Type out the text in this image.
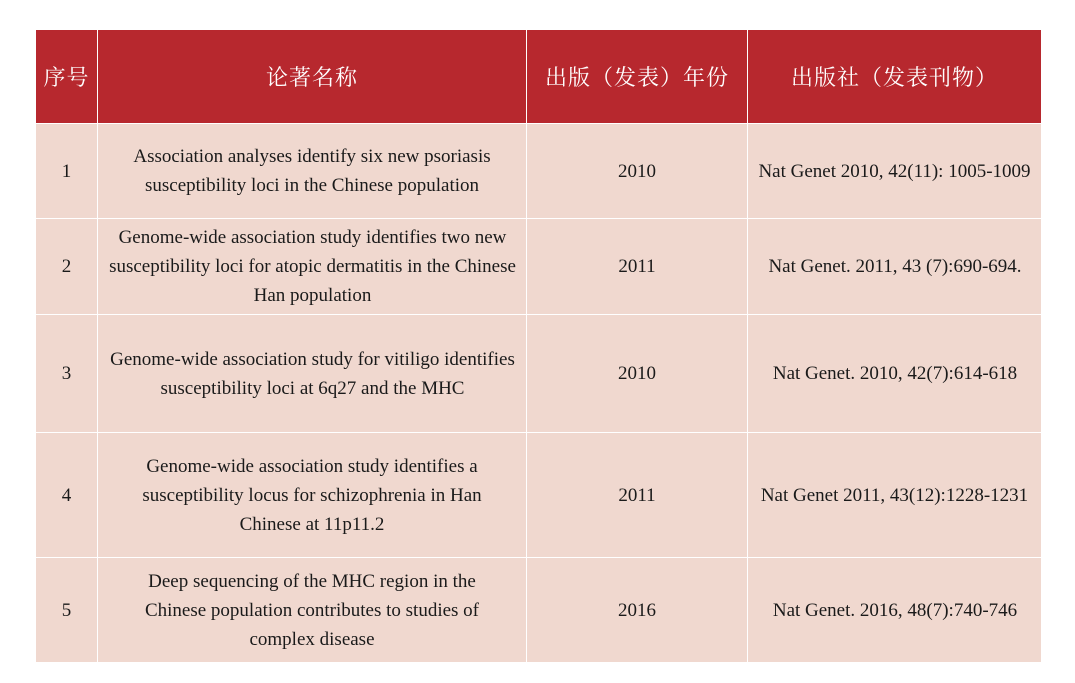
序号	论著名称	出版（发表）年份	出版社（发表刊物）
1	Association analyses identify six new psoriasis susceptibility loci in the Chinese population	2010	Nat Genet 2010, 42(11): 1005-1009
2	Genome-wide association study identifies two new susceptibility loci for atopic dermatitis in the Chinese Han population	2011	Nat Genet. 2011, 43 (7):690-694.
3	Genome-wide association study for vitiligo identifies susceptibility loci at 6q27 and the MHC	2010	Nat Genet. 2010, 42(7):614-618
4	Genome-wide association study identifies a susceptibility locus for schizophrenia in Han Chinese at 11p11.2	2011	Nat Genet 2011, 43(12):1228-1231
5	Deep sequencing of the MHC region in the Chinese population contributes to studies of complex disease	2016	Nat Genet. 2016, 48(7):740-746
